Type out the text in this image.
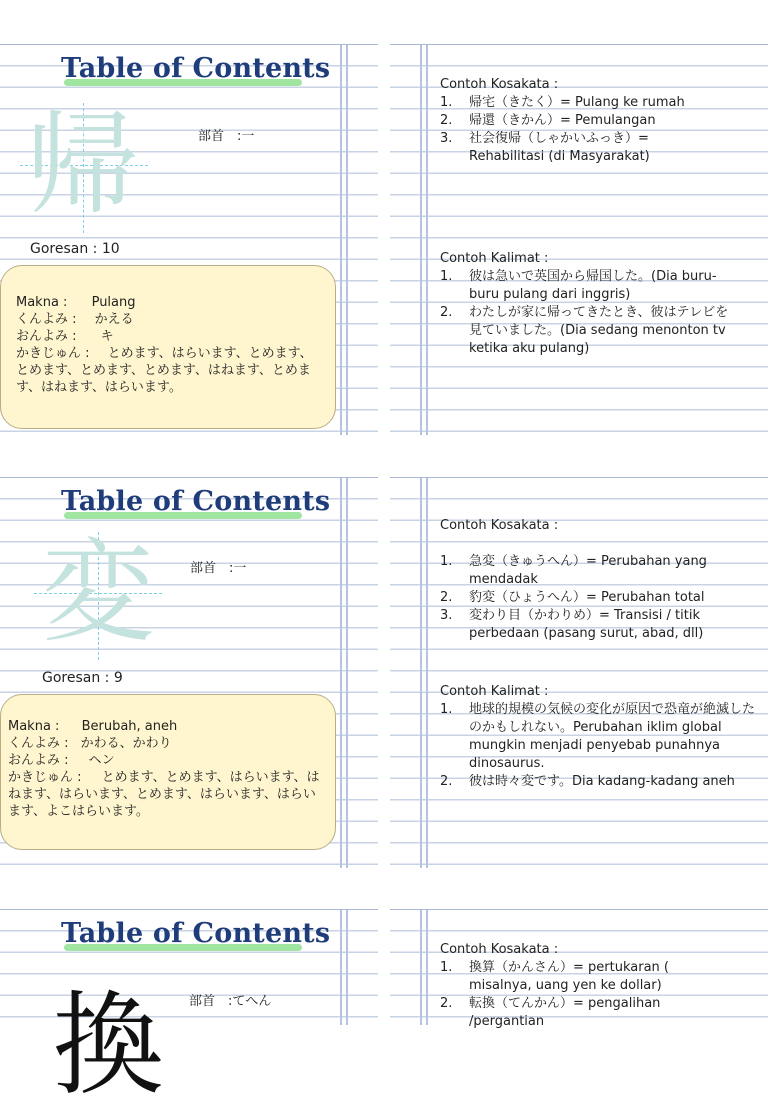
Table of Contents
帰	部首　:一
Goresan : 10
Makna : Pulang
くんよみ : かえる
おんよみ : キ
かきじゅん : とめます、はらいます、とめます、とめます、とめます、とめます、はねます、とめます、はねます、はらいます。
Contoh Kosakata :
1. 帰宅（きたく）= Pulang ke rumah
2. 帰還（きかん）= Pemulangan
3. 社会復帰（しゃかいふっき）= Rehabilitasi (di Masyarakat)
Contoh Kalimat :
1. 彼は急いで英国から帰国した。(Dia buru-buru pulang dari inggris)
2. わたしが家に帰ってきたとき、彼はテレビを見ていました。(Dia sedang menonton tv ketika aku pulang)
Table of Contents
変	部首　:一
Goresan : 9
Makna : Berubah, aneh
くんよみ : かわる、かわり
おんよみ : ヘン
かきじゅん : とめます、とめます、はらいます、はねます、はらいます、とめます、はらいます、はらいます、よこはらいます。
Contoh Kosakata :
1. 急変（きゅうへん）= Perubahan yang mendadak
2. 豹変（ひょうへん）= Perubahan total
3. 変わり目（かわりめ）= Transisi / titik perbedaan (pasang surut, abad, dll)
Contoh Kalimat :
1. 地球的規模の気候の変化が原因で恐竜が絶滅したのかもしれない。Perubahan iklim global mungkin menjadi penyebab punahnya dinosaurus.
2. 彼は時々変です。Dia kadang-kadang aneh
Table of Contents
換 部首　:てへん
Contoh Kosakata :
1. 換算（かんさん）= pertukaran ( misalnya, uang yen ke dollar)
2. 転換（てんかん）= pengalihan /pergantian
